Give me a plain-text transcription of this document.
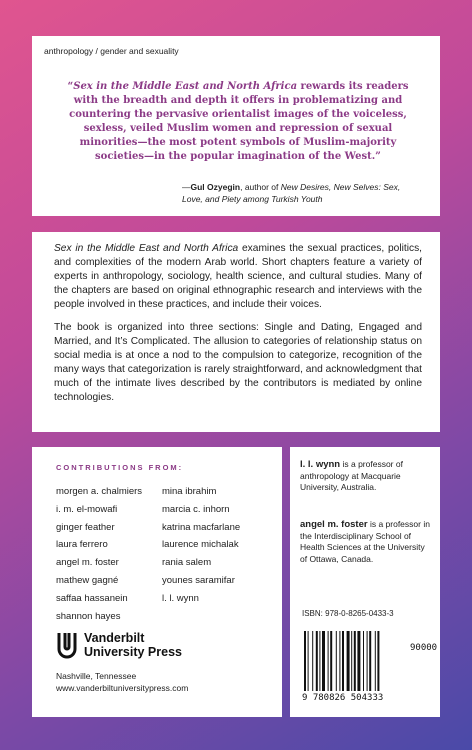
anthropology / gender and sexuality
“Sex in the Middle East and North Africa rewards its readers with the breadth and depth it offers in problematizing and countering the pervasive orientalist images of the voiceless, sexless, veiled Muslim women and repression of sexual minorities—the most potent symbols of Muslim-majority societies—in the popular imagination of the West.”
—Gul Ozyegin, author of New Desires, New Selves: Sex, Love, and Piety among Turkish Youth

Sex in the Middle East and North Africa examines the sexual practices, politics, and complexities of the modern Arab world. Short chapters feature a variety of experts in anthropology, sociology, health science, and cultural studies. Many of the chapters are based on original ethnographic research and interviews with the people involved in these practices, and include their voices.

The book is organized into three sections: Single and Dating, Engaged and Married, and It’s Complicated. The allusion to categories of relationship status on social media is at once a nod to the compulsion to categorize, recognition of the many ways that categorization is rarely straightforward, and acknowledgment that much of the intimate lives described by the contributors is mediated by online technologies.

CONTRIBUTIONS FROM:
morgen a. chalmiers
i. m. el-mowafi
ginger feather
laura ferrero
angel m. foster
mathew gagné
saffaa hassanein
shannon hayes
mina ibrahim
marcia c. inhorn
katrina macfarlane
laurence michalak
rania salem
younes saramifar
l. l. wynn
Vanderbilt
University Press
Nashville, Tennessee
www.vanderbiltuniversitypress.com
l. l. wynn is a professor of anthropology at Macquarie University, Australia.
angel m. foster is a professor in the Interdisciplinary School of Health Sciences at the University of Ottawa, Canada.
ISBN: 978-0-8265-0433-3
90000
9 780826 504333
